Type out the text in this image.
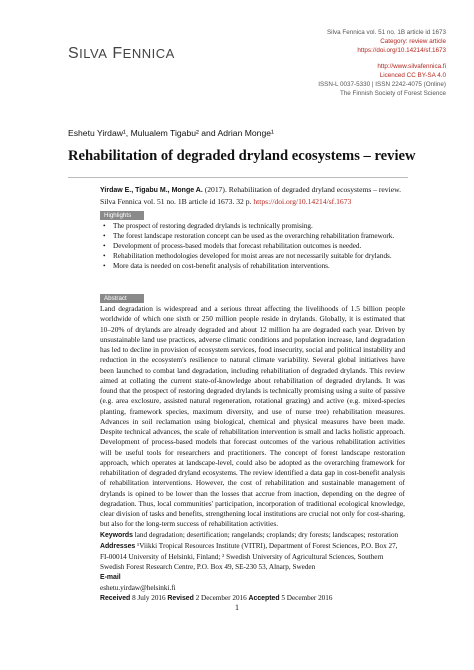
Silva Fennica vol. 51 no. 1B article id 1673
Category: review article
https://doi.org/10.14214/sf.1673
http://www.silvafennica.fi
Licenced CC BY-SA 4.0
ISSN-L 0037-5330 | ISSN 2242-4075 (Online)
The Finnish Society of Forest Science
SILVA FENNICA
Eshetu Yirdaw¹, Mulualem Tigabu² and Adrian Monge¹
Rehabilitation of degraded dryland ecosystems – review
Yirdaw E., Tigabu M., Monge A. (2017). Rehabilitation of degraded dryland ecosystems – review. Silva Fennica vol. 51 no. 1B article id 1673. 32 p. https://doi.org/10.14214/sf.1673
Highlights
• The prospect of restoring degraded drylands is technically promising.
• The forest landscape restoration concept can be used as the overarching rehabilitation framework.
• Development of process-based models that forecast rehabilitation outcomes is needed.
• Rehabilitation methodologies developed for moist areas are not necessarily suitable for drylands.
• More data is needed on cost-benefit analysis of rehabilitation interventions.
Abstract
Land degradation is widespread and a serious threat affecting the livelihoods of 1.5 billion people worldwide of which one sixth or 250 million people reside in drylands. Globally, it is estimated that 10–20% of drylands are already degraded and about 12 million ha are degraded each year. Driven by unsustainable land use practices, adverse climatic conditions and population increase, land degradation has led to decline in provision of ecosystem services, food insecurity, social and political instability and reduction in the ecosystem's resilience to natural climate variability. Several global initiatives have been launched to combat land degradation, including rehabilitation of degraded drylands. This review aimed at collating the current state-of-knowledge about rehabilitation of degraded drylands. It was found that the prospect of restoring degraded drylands is technically promising using a suite of passive (e.g. area exclosure, assisted natural regeneration, rotational grazing) and active (e.g. mixed-species planting, framework species, maximum diversity, and use of nurse tree) rehabilitation measures. Advances in soil reclamation using biological, chemical and physical measures have been made. Despite technical advances, the scale of rehabilitation intervention is small and lacks holistic approach. Development of process-based models that forecast outcomes of the various rehabilitation activities will be useful tools for researchers and practitioners. The concept of forest landscape restoration approach, which operates at landscape-level, could also be adopted as the overarching framework for rehabilitation of degraded dryland ecosystems. The review identified a data gap in cost-benefit analysis of rehabilitation interventions. However, the cost of rehabilitation and sustainable management of drylands is opined to be lower than the losses that accrue from inaction, depending on the degree of degradation. Thus, local communities' participation, incorporation of traditional ecological knowledge, clear division of tasks and benefits, strengthening local institutions are crucial not only for cost-sharing, but also for the long-term success of rehabilitation activities.
Keywords land degradation; desertification; rangelands; croplands; dry forests; landscapes; restoration
Addresses ¹Viikki Tropical Resources Institute (VITRI), Department of Forest Sciences, P.O. Box 27, FI-00014 University of Helsinki, Finland; ² Swedish University of Agricultural Sciences, Southern Swedish Forest Research Centre, P.O. Box 49, SE-230 53, Alnarp, Sweden
E-mail
eshetu.yirdaw@helsinki.fi
Received 8 July 2016 Revised 2 December 2016 Accepted 5 December 2016
1
